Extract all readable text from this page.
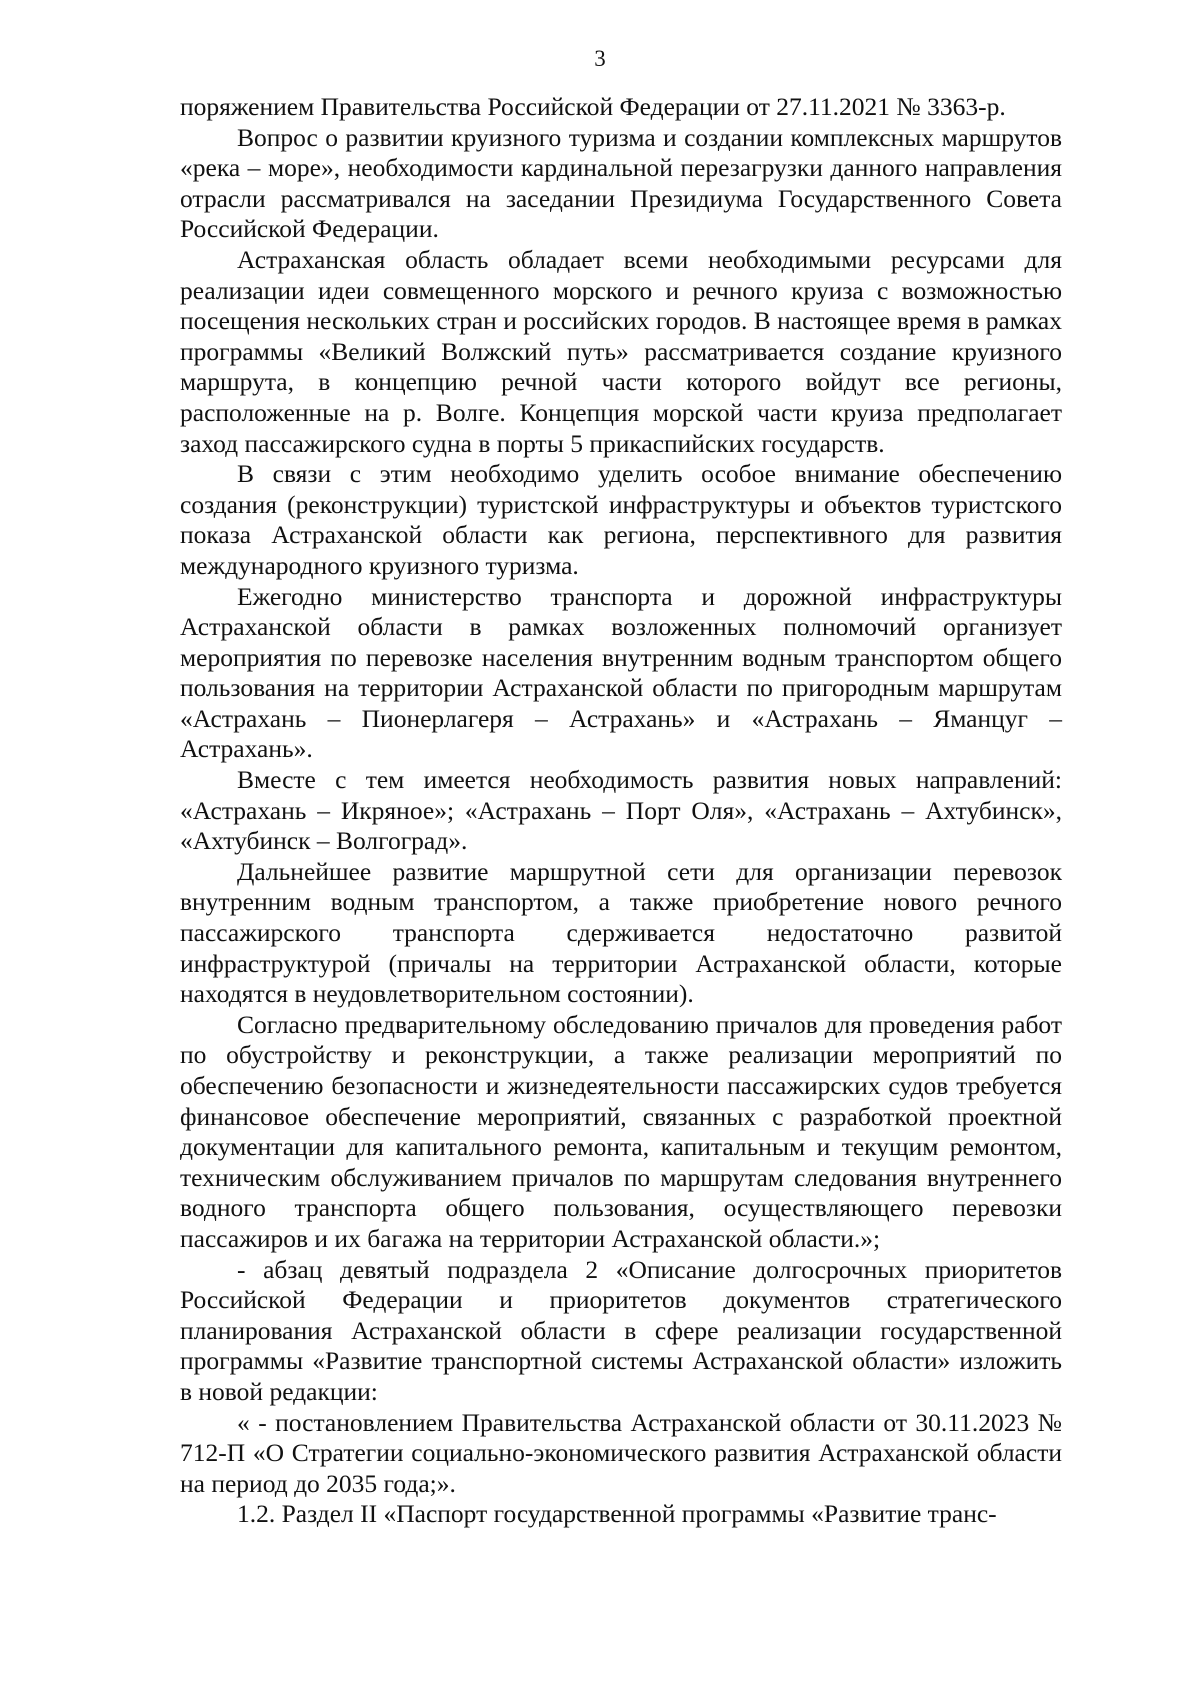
3

поряжением Правительства Российской Федерации от 27.11.2021 № 3363-р.

Вопрос о развитии круизного туризма и создании комплексных маршрутов «река – море», необходимости кардинальной перезагрузки данного направления отрасли рассматривался на заседании Президиума Государственного Совета Российской Федерации.

Астраханская область обладает всеми необходимыми ресурсами для реализации идеи совмещенного морского и речного круиза с возможностью посещения нескольких стран и российских городов. В настоящее время в рамках программы «Великий Волжский путь» рассматривается создание круизного маршрута, в концепцию речной части которого войдут все регионы, расположенные на р. Волге. Концепция морской части круиза предполагает заход пассажирского судна в порты 5 прикаспийских государств.

В связи с этим необходимо уделить особое внимание обеспечению создания (реконструкции) туристской инфраструктуры и объектов туристского показа Астраханской области как региона, перспективного для развития международного круизного туризма.

Ежегодно министерство транспорта и дорожной инфраструктуры Астраханской области в рамках возложенных полномочий организует мероприятия по перевозке населения внутренним водным транспортом общего пользования на территории Астраханской области по пригородным маршрутам «Астрахань – Пионерлагеря – Астрахань» и «Астрахань – Яманцуг – Астрахань».

Вместе с тем имеется необходимость развития новых направлений: «Астрахань – Икряное»; «Астрахань – Порт Оля», «Астрахань – Ахтубинск», «Ахтубинск – Волгоград».

Дальнейшее развитие маршрутной сети для организации перевозок внутренним водным транспортом, а также приобретение нового речного пассажирского транспорта сдерживается недостаточно развитой инфраструктурой (причалы на территории Астраханской области, которые находятся в неудовлетворительном состоянии).

Согласно предварительному обследованию причалов для проведения работ по обустройству и реконструкции, а также реализации мероприятий по обеспечению безопасности и жизнедеятельности пассажирских судов требуется финансовое обеспечение мероприятий, связанных с разработкой проектной документации для капитального ремонта, капитальным и текущим ремонтом, техническим обслуживанием причалов по маршрутам следования внутреннего водного транспорта общего пользования, осуществляющего перевозки пассажиров и их багажа на территории Астраханской области.»;

- абзац девятый подраздела 2 «Описание долгосрочных приоритетов Российской Федерации и приоритетов документов стратегического планирования Астраханской области в сфере реализации государственной программы «Развитие транспортной системы Астраханской области» изложить в новой редакции:

« - постановлением Правительства Астраханской области от 30.11.2023 № 712-П «О Стратегии социально-экономического развития Астраханской области на период до 2035 года;».

1.2. Раздел II «Паспорт государственной программы «Развитие транс-
